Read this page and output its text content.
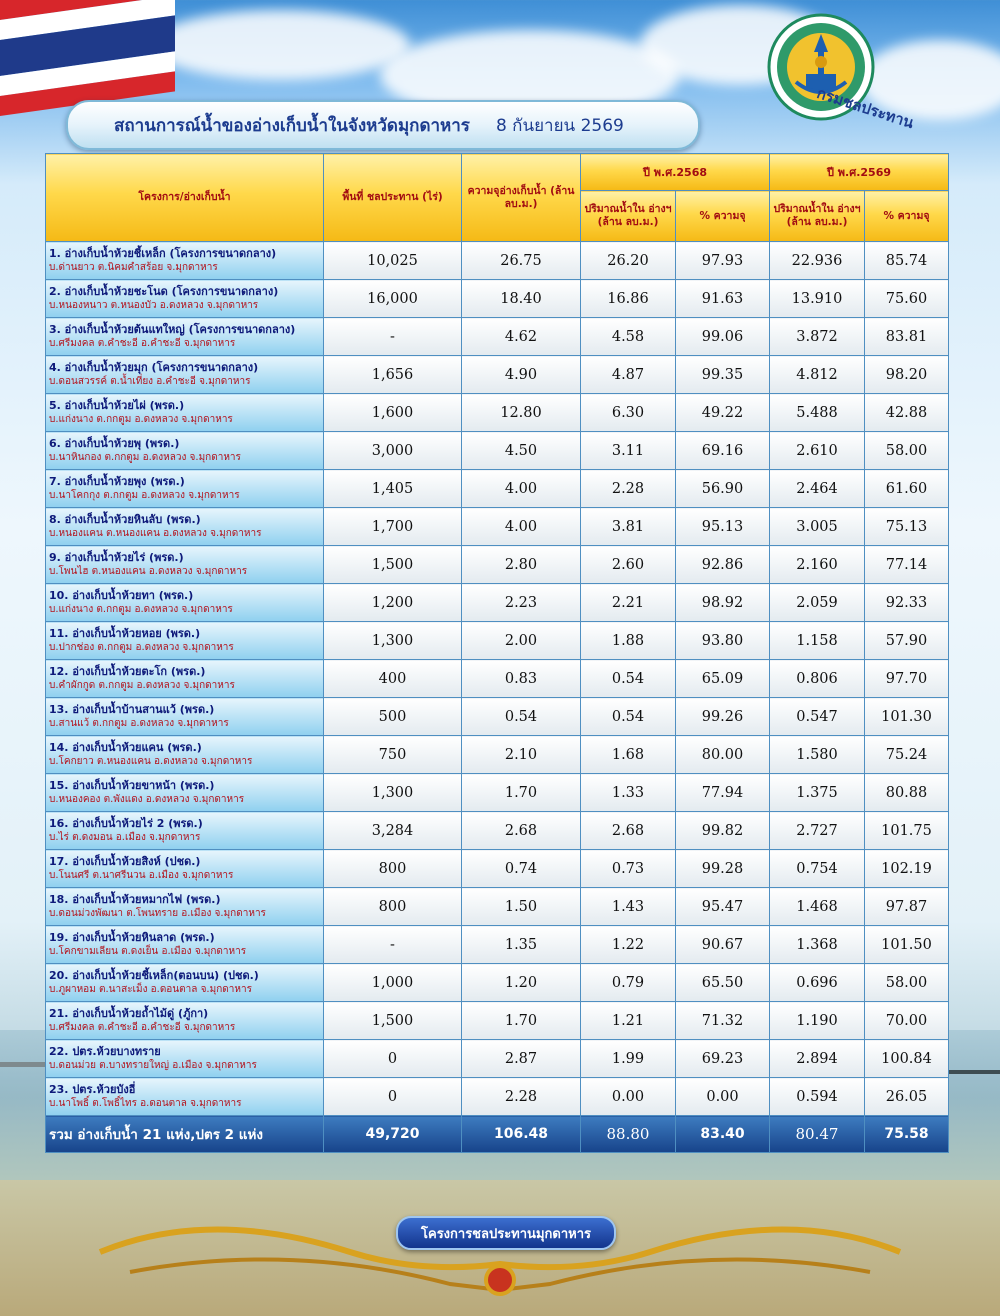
สถานการณ์น้ำของอ่างเก็บน้ำในจังหวัดมุกดาหาร 8 กันยายน 2569	กรมชลประทาน
โครงการ/อ่างเก็บน้ำ	พื้นที่ ชลประทาน (ไร่)	ความจุอ่างเก็บน้ำ (ล้าน ลบ.ม.)	ปี พ.ศ.2568		ปี พ.ศ.2569	
			ปริมาณน้ำใน อ่างฯ (ล้าน ลบ.ม.)	% ความจุ	ปริมาณน้ำใน อ่างฯ (ล้าน ลบ.ม.)	% ความจุ

1. อ่างเก็บน้ำห้วยชี้เหล็ก (โครงการขนาดกลาง)
บ.ด่านยาว ต.นิคมคำสร้อย จ.มุกดาหาร	10,025	26.75	26.20	97.93	22.936	85.74

2. อ่างเก็บน้ำห้วยชะโนด (โครงการขนาดกลาง)
บ.หนองหนาว ต.หนองบัว อ.ดงหลวง จ.มุกดาหาร	16,000	18.40	16.86	91.63	13.910	75.60

3. อ่างเก็บน้ำห้วยต้นแทใหญ่ (โครงการขนาดกลาง)
บ.ศรีมงคล ต.คำชะอี อ.คำชะอี จ.มุกดาหาร	-	4.62	4.58	99.06	3.872	83.81

4. อ่างเก็บน้ำห้วยมุก (โครงการขนาดกลาง)
บ.ดอนสวรรค์ ต.น้ำเที่ยง อ.คำชะอี จ.มุกดาหาร	1,656	4.90	4.87	99.35	4.812	98.20

5. อ่างเก็บน้ำห้วยไผ่ (พรด.)
บ.แก่งนาง ต.กกตูม อ.ดงหลวง จ.มุกดาหาร	1,600	12.80	6.30	49.22	5.488	42.88

6. อ่างเก็บน้ำห้วยพุ (พรด.)
บ.นาหินกอง ต.กกตูม อ.ดงหลวง จ.มุกดาหาร	3,000	4.50	3.11	69.16	2.610	58.00

7. อ่างเก็บน้ำห้วยพุง (พรด.)
บ.นาโคกกุง ต.กกตูม อ.ดงหลวง จ.มุกดาหาร	1,405	4.00	2.28	56.90	2.464	61.60

8. อ่างเก็บน้ำห้วยหินลับ (พรด.)
บ.หนองแคน ต.หนองแคน อ.ดงหลวง จ.มุกดาหาร	1,700	4.00	3.81	95.13	3.005	75.13

9. อ่างเก็บน้ำห้วยไร่ (พรด.)
บ.โพนไฮ ต.หนองแคน อ.ดงหลวง จ.มุกดาหาร	1,500	2.80	2.60	92.86	2.160	77.14

10. อ่างเก็บน้ำห้วยทา (พรด.)
บ.แก่งนาง ต.กกตูม อ.ดงหลวง จ.มุกดาหาร	1,200	2.23	2.21	98.92	2.059	92.33

11. อ่างเก็บน้ำห้วยหอย (พรด.)
บ.ปากช่อง ต.กกตูม อ.ดงหลวง จ.มุกดาหาร	1,300	2.00	1.88	93.80	1.158	57.90

12. อ่างเก็บน้ำห้วยตะโก (พรด.)
บ.คำผักกูด ต.กกตูม อ.ดงหลวง จ.มุกดาหาร	400	0.83	0.54	65.09	0.806	97.70

13. อ่างเก็บน้ำบ้านสานแว้ (พรด.)
บ.สานแว้ ต.กกตูม อ.ดงหลวง จ.มุกดาหาร	500	0.54	0.54	99.26	0.547	101.30

14. อ่างเก็บน้ำห้วยแคน (พรด.)
บ.โคกยาว ต.หนองแคน อ.ดงหลวง จ.มุกดาหาร	750	2.10	1.68	80.00	1.580	75.24

15. อ่างเก็บน้ำห้วยขาหน้า (พรด.)
บ.หนองคอง ต.พังแดง อ.ดงหลวง จ.มุกดาหาร	1,300	1.70	1.33	77.94	1.375	80.88

16. อ่างเก็บน้ำห้วยไร่ 2 (พรด.)
บ.ไร่ ต.ดงมอน อ.เมือง จ.มุกดาหาร	3,284	2.68	2.68	99.82	2.727	101.75

17. อ่างเก็บน้ำห้วยสิงห์ (ปชด.)
บ.โนนศรี ต.นาศรีนวน อ.เมือง จ.มุกดาหาร	800	0.74	0.73	99.28	0.754	102.19

18. อ่างเก็บน้ำห้วยหมากไฟ (พรด.)
บ.ดอนม่วงพัฒนา ต.โพนทราย อ.เมือง จ.มุกดาหาร	800	1.50	1.43	95.47	1.468	97.87

19. อ่างเก็บน้ำห้วยหินลาด (พรด.)
บ.โคกขามเลียน ต.ดงเย็น อ.เมือง จ.มุกดาหาร	-	1.35	1.22	90.67	1.368	101.50

20. อ่างเก็บน้ำห้วยชี้เหล็ก(ตอนบน) (ปชด.)
บ.ภูผาหอม ต.นาสะเม็ง อ.ดอนตาล จ.มุกดาหาร	1,000	1.20	0.79	65.50	0.696	58.00

21. อ่างเก็บน้ำห้วยถ้ำไม้ดู่ (ภู้กา)
บ.ศรีมงคล ต.คำชะอี อ.คำชะอี จ.มุกดาหาร	1,500	1.70	1.21	71.32	1.190	70.00

22. ปตร.ห้วยบางทราย
บ.ดอนม่วย ต.บางทรายใหญ่ อ.เมือง จ.มุกดาหาร	0	2.87	1.99	69.23	2.894	100.84

23. ปตร.ห้วยบังอี่
บ.นาโพธิ์ ต.โพธิ์ไทร อ.ดอนตาล จ.มุกดาหาร	0	2.28	0.00	0.00	0.594	26.05
รวม อ่างเก็บน้ำ 21 แห่ง,ปตร 2 แห่ง	49,720	106.48	88.80	83.40	80.47	75.58
โครงการชลประทานมุกดาหาร
